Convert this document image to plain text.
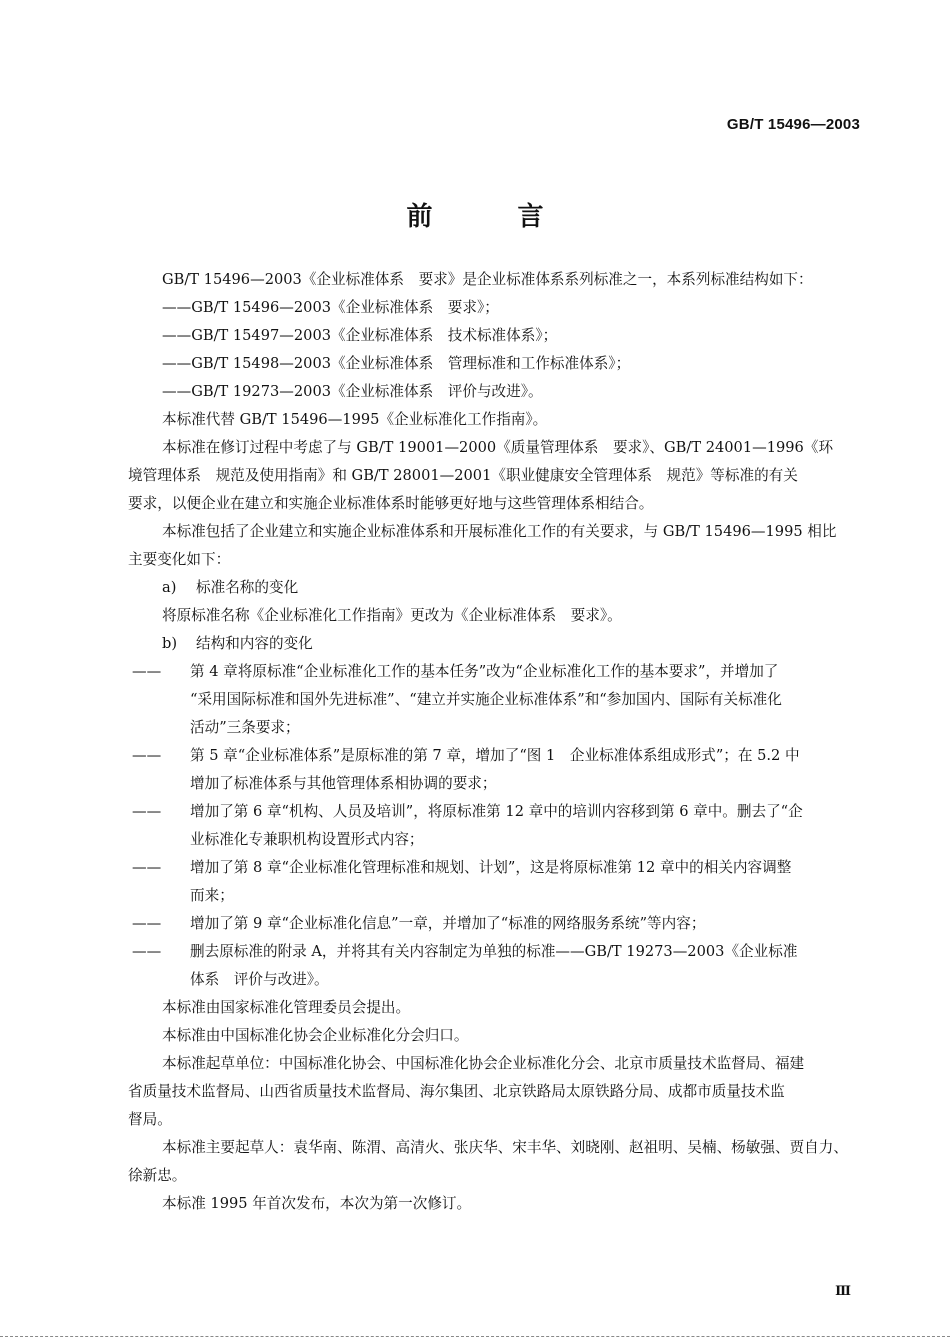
GB/T 15496—2003
前 言

GB/T 15496—2003《企业标准体系　要求》是企业标准体系系列标准之一，本系列标准结构如下：

——GB/T 15496—2003《企业标准体系　要求》；

——GB/T 15497—2003《企业标准体系　技术标准体系》；

——GB/T 15498—2003《企业标准体系　管理标准和工作标准体系》；

——GB/T 19273—2003《企业标准体系　评价与改进》。

本标准代替 GB/T 15496—1995《企业标准化工作指南》。

本标准在修订过程中考虑了与 GB/T 19001—2000《质量管理体系　要求》、GB/T 24001—1996《环

境管理体系　规范及使用指南》和 GB/T 28001—2001《职业健康安全管理体系　规范》等标准的有关

要求，以便企业在建立和实施企业标准体系时能够更好地与这些管理体系相结合。

本标准包括了企业建立和实施企业标准体系和开展标准化工作的有关要求，与 GB/T 15496—1995 相比

主要变化如下：

a)	标准名称的变化

将原标准名称《企业标准化工作指南》更改为《企业标准体系　要求》。

b)	结构和内容的变化
——	第 4 章将原标准“企业标准化工作的基本任务”改为“企业标准化工作的基本要求”，并增加了

“采用国际标准和国外先进标准”、“建立并实施企业标准体系”和“参加国内、国际有关标准化

活动”三条要求；

——	第 5 章“企业标准体系”是原标准的第 7 章，增加了“图 1　企业标准体系组成形式”；在 5.2 中

增加了标准体系与其他管理体系相协调的要求；

——	增加了第 6 章“机构、人员及培训”，将原标准第 12 章中的培训内容移到第 6 章中。删去了“企

业标准化专兼职机构设置形式内容；

——	增加了第 8 章“企业标准化管理标准和规划、计划”，这是将原标准第 12 章中的相关内容调整

而来；

——	增加了第 9 章“企业标准化信息”一章，并增加了“标准的网络服务系统”等内容；
——	删去原标准的附录 A，并将其有关内容制定为单独的标准——GB/T 19273—2003《企业标准

体系　评价与改进》。

本标准由国家标准化管理委员会提出。

本标准由中国标准化协会企业标准化分会归口。

本标准起草单位：中国标准化协会、中国标准化协会企业标准化分会、北京市质量技术监督局、福建

省质量技术监督局、山西省质量技术监督局、海尔集团、北京铁路局太原铁路分局、成都市质量技术监

督局。

本标准主要起草人：袁华南、陈渭、高清火、张庆华、宋丰华、刘晓刚、赵祖明、吴楠、杨敏强、贾自力、

徐新忠。

本标准 1995 年首次发布，本次为第一次修订。

Ⅲ
